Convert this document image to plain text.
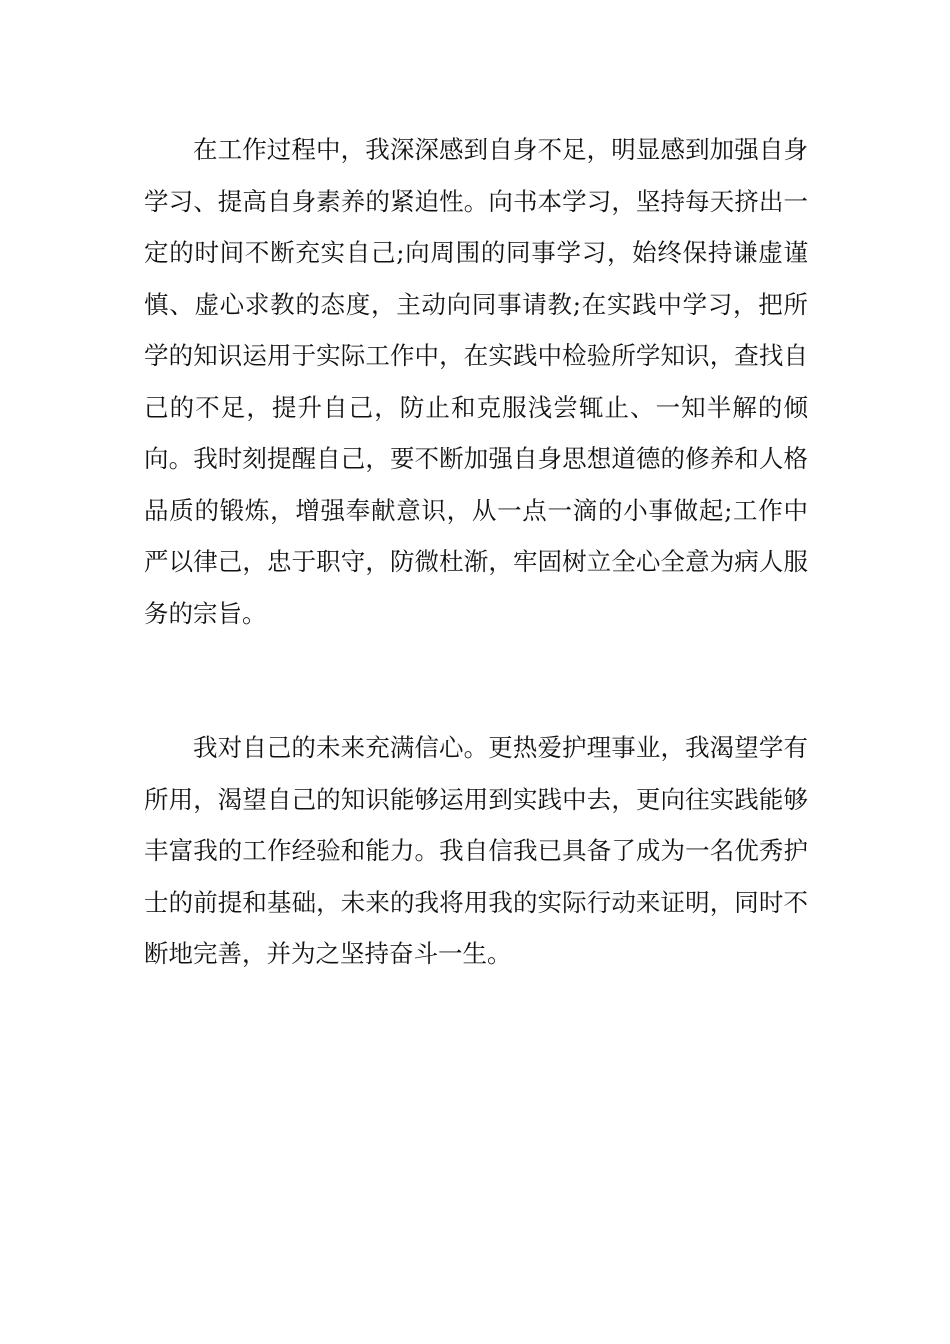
在工作过程中，我深深感到自身不足，明显感到加强自身学习、提高自身素养的紧迫性。向书本学习，坚持每天挤出一定的时间不断充实自己;向周围的同事学习，始终保持谦虚谨慎、虚心求教的态度，主动向同事请教;在实践中学习，把所学的知识运用于实际工作中，在实践中检验所学知识，查找自己的不足，提升自己，防止和克服浅尝辄止、一知半解的倾向。我时刻提醒自己，要不断加强自身思想道德的修养和人格品质的锻炼，增强奉献意识，从一点一滴的小事做起;工作中严以律己，忠于职守，防微杜渐，牢固树立全心全意为病人服务的宗旨。

我对自己的未来充满信心。更热爱护理事业，我渴望学有所用，渴望自己的知识能够运用到实践中去，更向往实践能够丰富我的工作经验和能力。我自信我已具备了成为一名优秀护士的前提和基础，未来的我将用我的实际行动来证明，同时不断地完善，并为之坚持奋斗一生。
